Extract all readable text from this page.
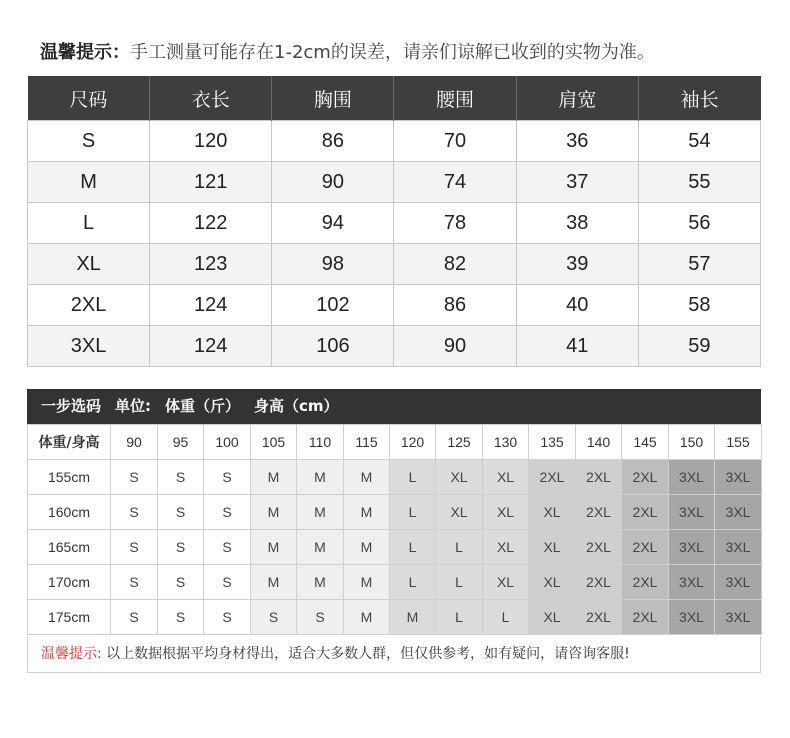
温馨提示：手工测量可能存在1-2cm的误差，请亲们谅解已收到的实物为准。
尺码	衣长	胸围	腰围	肩宽	袖长
S	120	86	70	36	54
M	121	90	74	37	55
L	122	94	78	38	56
XL	123	98	82	39	57
2XL	124	102	86	40	58
3XL	124	106	90	41	59
一步选码 单位: 体重（斤） 身高（cm）
体重/身高	90	95	100	105	110	115	120	125	130	135	140	145	150	155
155cm	S	S	S	M	M	M	L	XL	XL	2XL	2XL	2XL	3XL	3XL
160cm	S	S	S	M	M	M	L	XL	XL	XL	2XL	2XL	3XL	3XL
165cm	S	S	S	M	M	M	L	L	XL	XL	2XL	2XL	3XL	3XL
170cm	S	S	S	M	M	M	L	L	XL	XL	2XL	2XL	3XL	3XL
175cm	S	S	S	S	S	M	M	L	L	XL	2XL	2XL	3XL	3XL
温馨提示: 以上数据根据平均身材得出，适合大多数人群，但仅供参考，如有疑问，请咨询客服!
